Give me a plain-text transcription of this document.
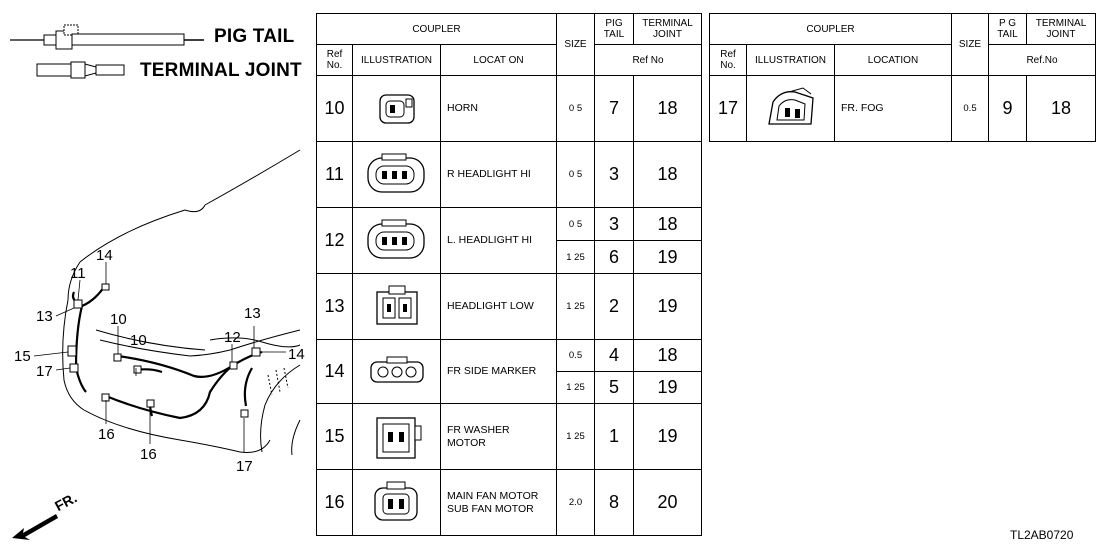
PIG TAIL
TERMINAL JOINT
14
11
13	10
10	12
13
14
15
17
16
16
17
FR.
COUPLER			SIZE	PIG
TAIL	TERMINAL
JOINT
Ref
No.	ILLUSTRATION	LOCAT ON		Ref No	
10		HORN	0 5	7	18
11		R HEADLIGHT HI	0 5	3	18
12		L. HEADLIGHT HI	0 5	3	18
			1 25	6	19
13		HEADLIGHT LOW	1 25	2	19
14		FR SIDE MARKER	0.5	4	18
			1 25	5	19
15		FR WASHER
MOTOR	1 25	1	19
16		MAIN FAN MOTOR
SUB FAN MOTOR	2.0	8	20
COUPLER			SIZE	P G
TAIL	TERMINAL
JOINT
Ref
No.	ILLUSTRATION	LOCATION		Ref.No	
17		FR. FOG	0.5	9	18
TL2AB0720
